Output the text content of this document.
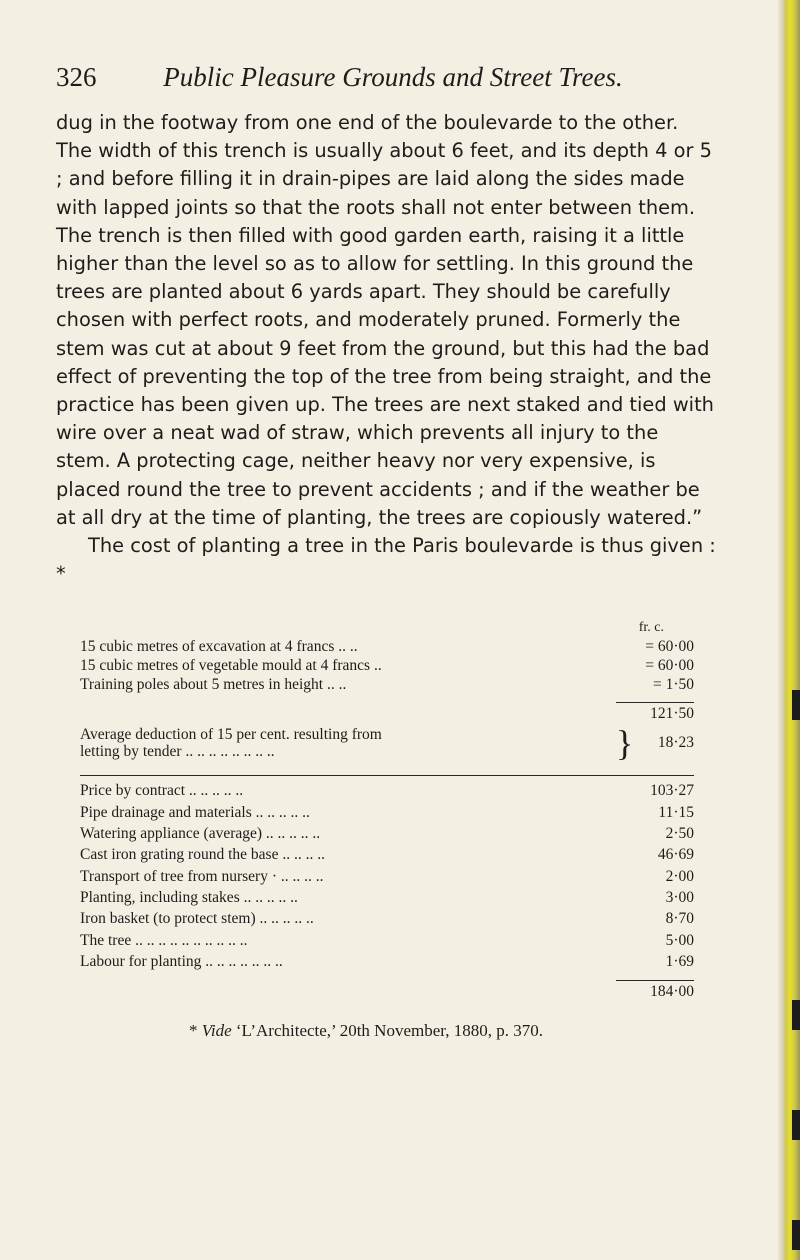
326	Public Pleasure Grounds and Street Trees.

dug in the footway from one end of the boulevarde to the other. The width of this trench is usually about 6 feet, and its depth 4 or 5 ; and before filling it in drain-pipes are laid along the sides made with lapped joints so that the roots shall not enter between them. The trench is then filled with good garden earth, raising it a little higher than the level so as to allow for settling. In this ground the trees are planted about 6 yards apart. They should be carefully chosen with perfect roots, and moderately pruned. Formerly the stem was cut at about 9 feet from the ground, but this had the bad effect of preventing the top of the tree from being straight, and the practice has been given up. The trees are next staked and tied with wire over a neat wad of straw, which prevents all injury to the stem. A protecting cage, neither heavy nor very expensive, is placed round the tree to prevent accidents ; and if the weather be at all dry at the time of planting, the trees are copiously watered.”

The cost of planting a tree in the Paris boulevarde is thus given : *

fr. c.
15 cubic metres of excavation at 4 francs .. ..	= 60·00
15 cubic metres of vegetable mould at 4 francs ..	= 60·00
Training poles about 5 metres in height .. ..	= 1·50
121·50
Average deduction of 15 per cent. resulting from
letting by tender .. .. .. .. .. .. .. ..	}	18·23
Price by contract .. .. .. .. ..	103·27
Pipe drainage and materials .. .. .. .. ..	11·15
Watering appliance (average) .. .. .. .. ..	2·50
Cast iron grating round the base .. .. .. ..	46·69
Transport of tree from nursery · .. .. .. ..	2·00
Planting, including stakes .. .. .. .. ..	3·00
Iron basket (to protect stem) .. .. .. .. ..	8·70
The tree .. .. .. .. .. .. .. .. .. ..	5·00
Labour for planting .. .. .. .. .. .. ..	1·69
184·00
* Vide ‘L’Architecte,’ 20th November, 1880, p. 370.
